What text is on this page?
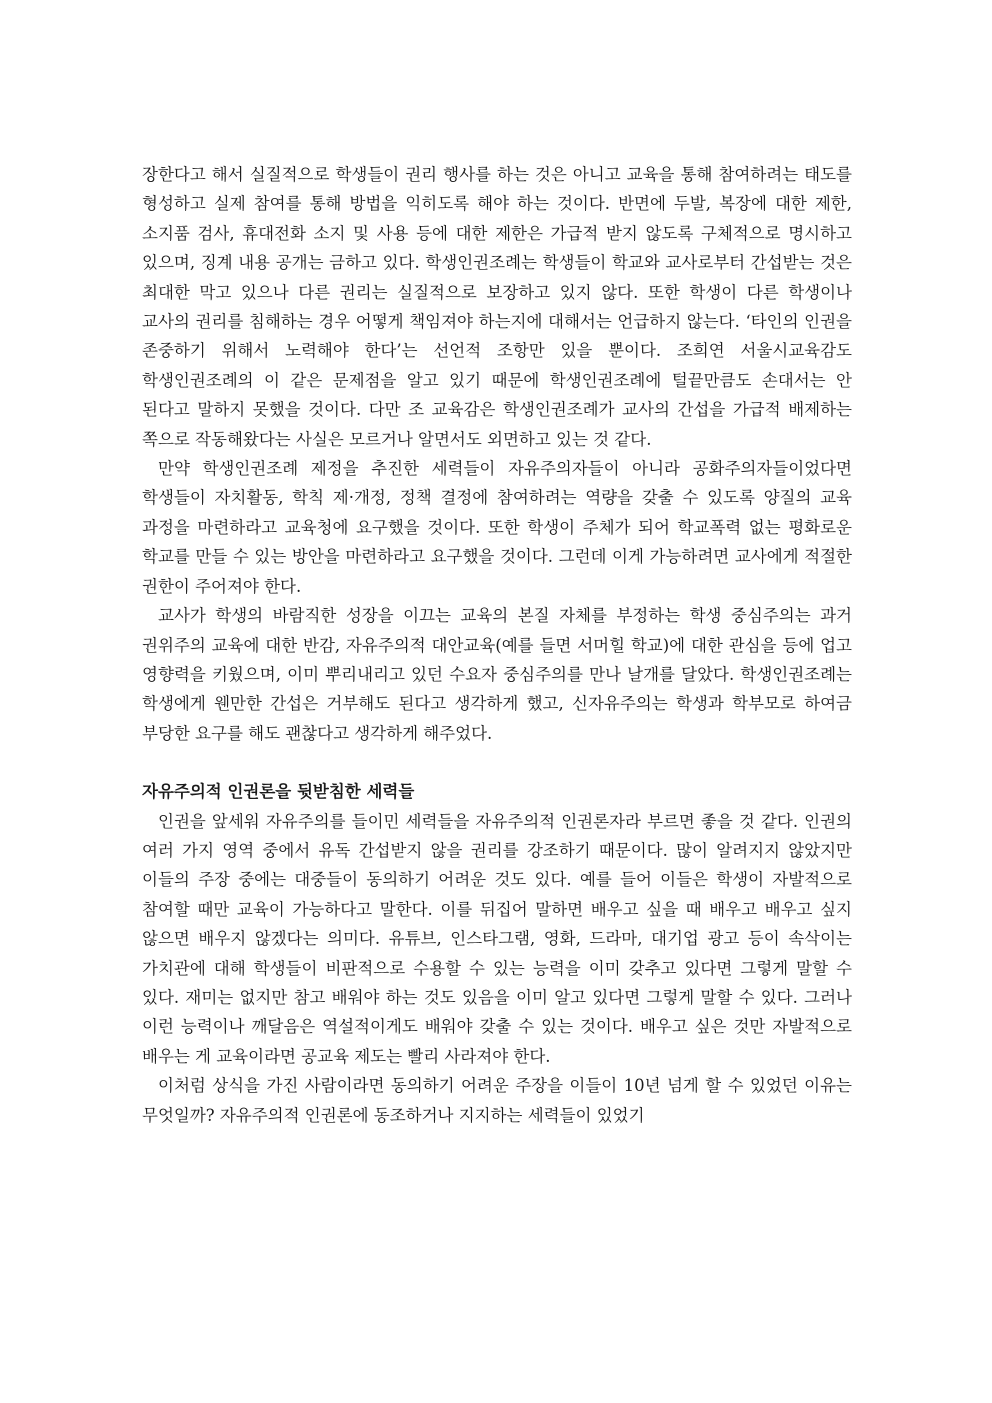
장한다고 해서 실질적으로 학생들이 권리 행사를 하는 것은 아니고 교육을 통해 참여하려는 태도를 형성하고 실제 참여를 통해 방법을 익히도록 해야 하는 것이다. 반면에 두발, 복장에 대한 제한, 소지품 검사, 휴대전화 소지 및 사용 등에 대한 제한은 가급적 받지 않도록 구체적으로 명시하고 있으며, 징계 내용 공개는 금하고 있다. 학생인권조례는 학생들이 학교와 교사로부터 간섭받는 것은 최대한 막고 있으나 다른 권리는 실질적으로 보장하고 있지 않다. 또한 학생이 다른 학생이나 교사의 권리를 침해하는 경우 어떻게 책임져야 하는지에 대해서는 언급하지 않는다. ‘타인의 인권을 존중하기 위해서 노력해야 한다’는 선언적 조항만 있을 뿐이다. 조희연 서울시교육감도 학생인권조례의 이 같은 문제점을 알고 있기 때문에 학생인권조례에 털끝만큼도 손대서는 안 된다고 말하지 못했을 것이다. 다만 조 교육감은 학생인권조례가 교사의 간섭을 가급적 배제하는 쪽으로 작동해왔다는 사실은 모르거나 알면서도 외면하고 있는 것 같다.

만약 학생인권조례 제정을 추진한 세력들이 자유주의자들이 아니라 공화주의자들이었다면 학생들이 자치활동, 학칙 제·개정, 정책 결정에 참여하려는 역량을 갖출 수 있도록 양질의 교육 과정을 마련하라고 교육청에 요구했을 것이다. 또한 학생이 주체가 되어 학교폭력 없는 평화로운 학교를 만들 수 있는 방안을 마련하라고 요구했을 것이다. 그런데 이게 가능하려면 교사에게 적절한 권한이 주어져야 한다.

교사가 학생의 바람직한 성장을 이끄는 교육의 본질 자체를 부정하는 학생 중심주의는 과거 권위주의 교육에 대한 반감, 자유주의적 대안교육(예를 들면 서머힐 학교)에 대한 관심을 등에 업고 영향력을 키웠으며, 이미 뿌리내리고 있던 수요자 중심주의를 만나 날개를 달았다. 학생인권조례는 학생에게 웬만한 간섭은 거부해도 된다고 생각하게 했고, 신자유주의는 학생과 학부모로 하여금 부당한 요구를 해도 괜찮다고 생각하게 해주었다.

자유주의적 인권론을 뒷받침한 세력들

인권을 앞세워 자유주의를 들이민 세력들을 자유주의적 인권론자라 부르면 좋을 것 같다. 인권의 여러 가지 영역 중에서 유독 간섭받지 않을 권리를 강조하기 때문이다. 많이 알려지지 않았지만 이들의 주장 중에는 대중들이 동의하기 어려운 것도 있다. 예를 들어 이들은 학생이 자발적으로 참여할 때만 교육이 가능하다고 말한다. 이를 뒤집어 말하면 배우고 싶을 때 배우고 배우고 싶지 않으면 배우지 않겠다는 의미다. 유튜브, 인스타그램, 영화, 드라마, 대기업 광고 등이 속삭이는 가치관에 대해 학생들이 비판적으로 수용할 수 있는 능력을 이미 갖추고 있다면 그렇게 말할 수 있다. 재미는 없지만 참고 배워야 하는 것도 있음을 이미 알고 있다면 그렇게 말할 수 있다. 그러나 이런 능력이나 깨달음은 역설적이게도 배워야 갖출 수 있는 것이다. 배우고 싶은 것만 자발적으로 배우는 게 교육이라면 공교육 제도는 빨리 사라져야 한다.

이처럼 상식을 가진 사람이라면 동의하기 어려운 주장을 이들이 10년 넘게 할 수 있었던 이유는 무엇일까? 자유주의적 인권론에 동조하거나 지지하는 세력들이 있었기
